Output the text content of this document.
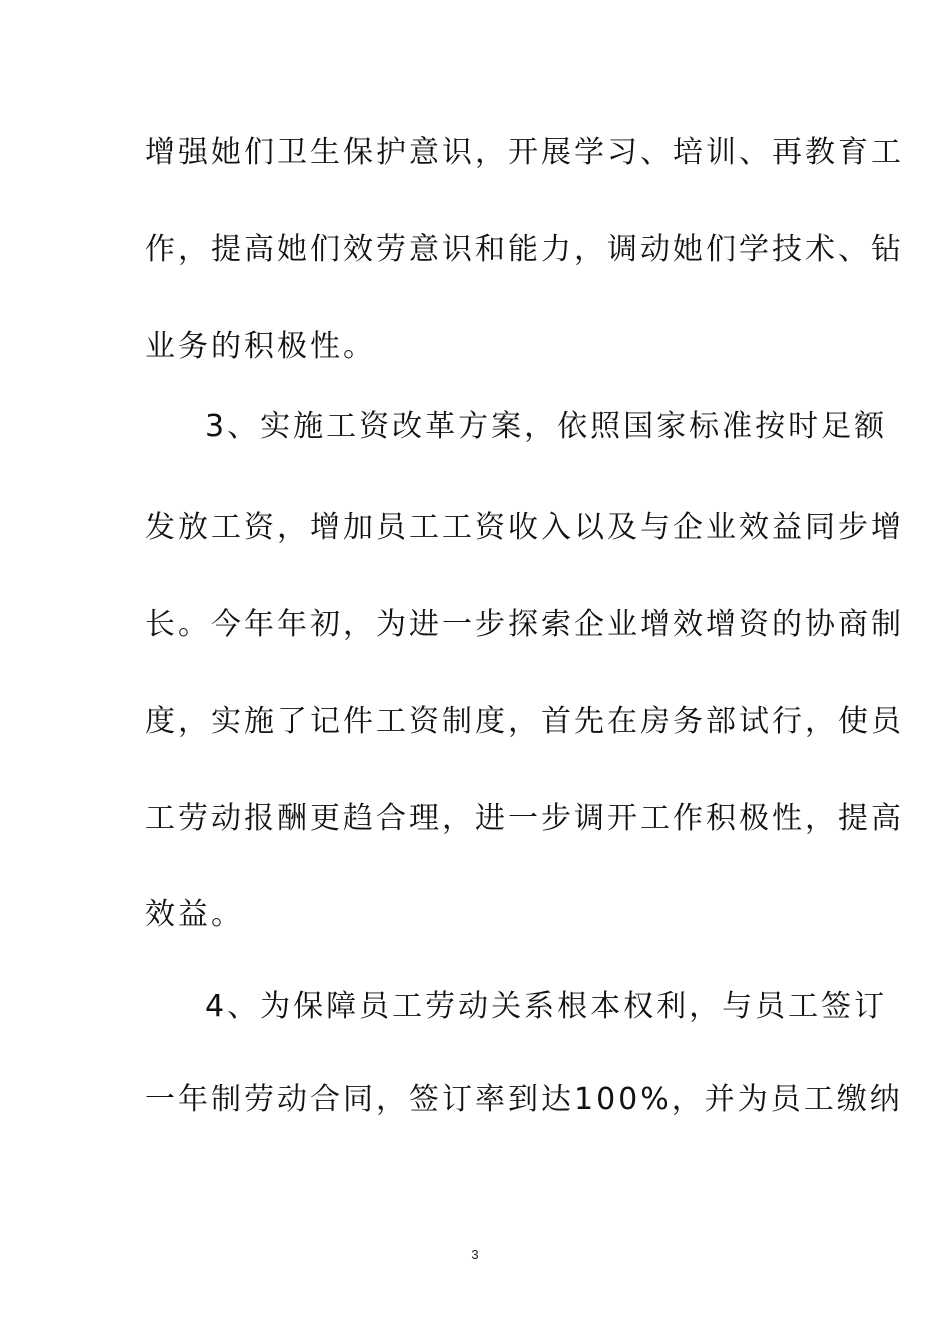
增强她们卫生保护意识，开展学习、培训、再教育工
作，提高她们效劳意识和能力，调动她们学技术、钻
业务的积极性。
3、实施工资改革方案，依照国家标准按时足额
发放工资，增加员工工资收入以及与企业效益同步增
长。今年年初，为进一步探索企业增效增资的协商制
度，实施了记件工资制度，首先在房务部试行，使员
工劳动报酬更趋合理，进一步调开工作积极性，提高
效益。
4、为保障员工劳动关系根本权利，与员工签订
一年制劳动合同，签订率到达100%，并为员工缴纳
3
